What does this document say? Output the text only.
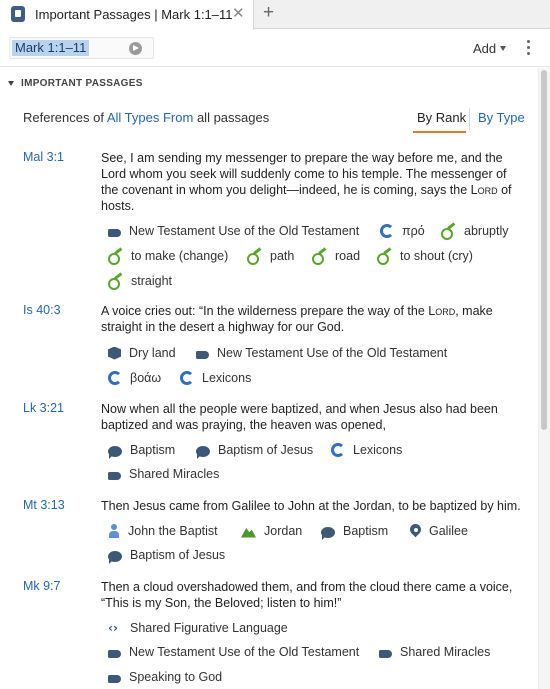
Important Passages | Mark 1:1–11 ✕ +
Mark 1:1–11	Add
IMPORTANT PASSAGES
References of All Types From all passages	By Rank By Type
Mal 3:1	See, I am sending my messenger to prepare the way before me, and the Lord whom you seek will suddenly come to his temple. The messenger of the covenant in whom you delight—indeed, he is coming, says the Lord of hosts.
New Testament Use of the Old Testament	πρό	abruptly
to make (change)	path	road	to shout (cry)
straight
Is 40:3	A voice cries out: “In the wilderness prepare the way of the Lord, make straight in the desert a highway for our God.
Dry land	New Testament Use of the Old Testament
βοάω	Lexicons
Lk 3:21	Now when all the people were baptized, and when Jesus also had been baptized and was praying, the heaven was opened,
Baptism	Baptism of Jesus	Lexicons
Shared Miracles
Mt 3:13	Then Jesus came from Galilee to John at the Jordan, to be baptized by him.
John the Baptist	Jordan	Baptism	Galilee
Baptism of Jesus
Mk 9:7	Then a cloud overshadowed them, and from the cloud there came a voice, “This is my Son, the Beloved; listen to him!”
‹› Shared Figurative Language
New Testament Use of the Old Testament	Shared Miracles
Speaking to God
